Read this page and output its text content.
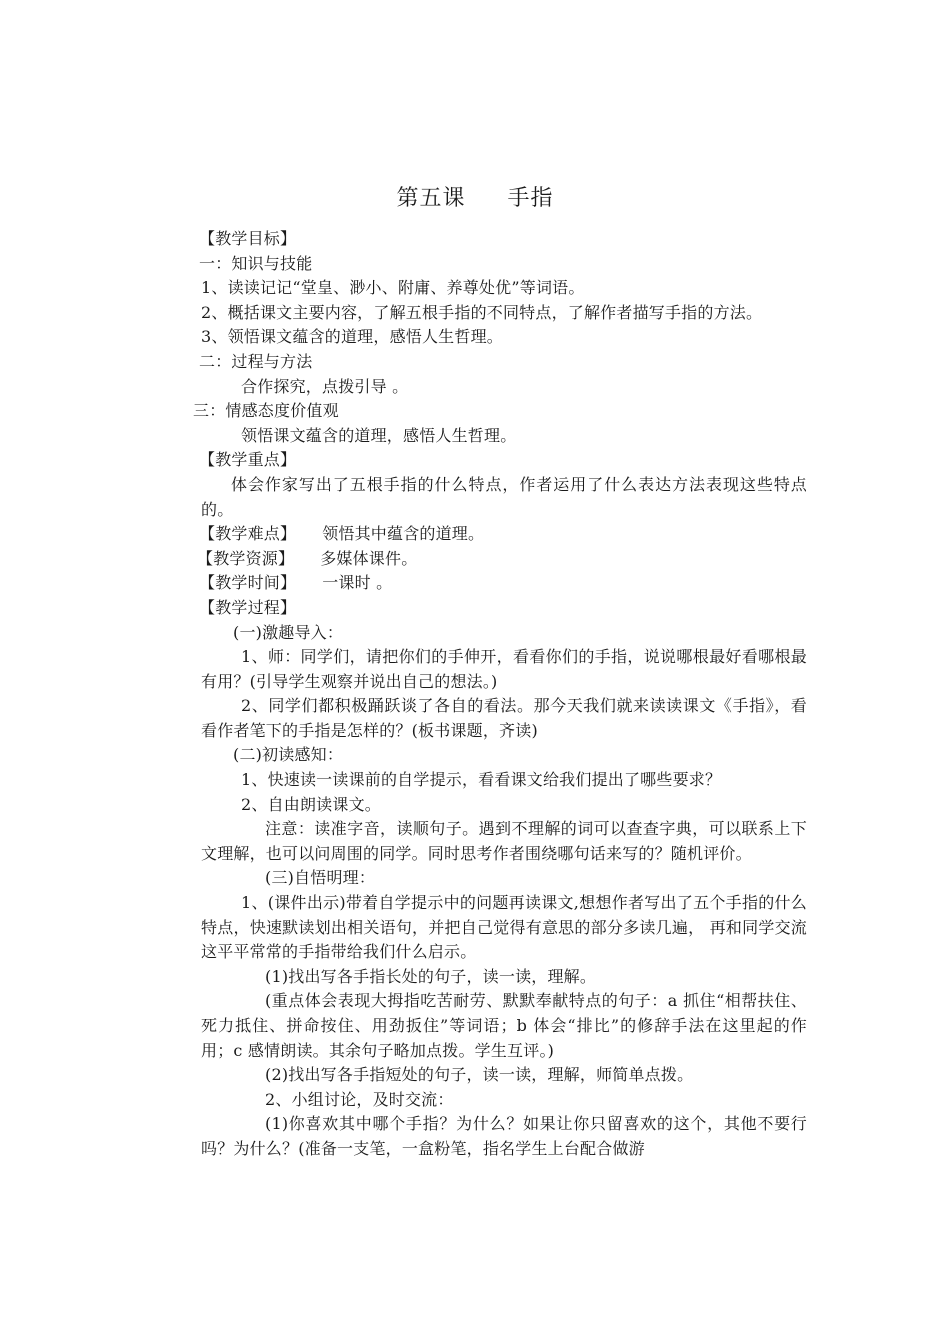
第五课 手指

【教学目标】

一：知识与技能

1、读读记记“堂皇、渺小、附庸、养尊处优”等词语。

2、概括课文主要内容，了解五根手指的不同特点，了解作者描写手指的方法。

3、领悟课文蕴含的道理，感悟人生哲理。

二：过程与方法

合作探究，点拨引导 。

三：情感态度价值观

领悟课文蕴含的道理，感悟人生哲理。

【教学重点】

体会作家写出了五根手指的什么特点，作者运用了什么表达方法表现这些特点的。

【教学难点】 领悟其中蕴含的道理。

【教学资源】 多媒体课件。

【教学时间】 一课时 。

【教学过程】

(一)激趣导入：

1、师：同学们，请把你们的手伸开，看看你们的手指，说说哪根最好看哪根最有用？(引导学生观察并说出自己的想法。)

2、同学们都积极踊跃谈了各自的看法。那今天我们就来读读课文《手指》，看看作者笔下的手指是怎样的？(板书课题，齐读)

(二)初读感知：

1、快速读一读课前的自学提示，看看课文给我们提出了哪些要求？

2、自由朗读课文。

注意：读准字音，读顺句子。遇到不理解的词可以查查字典，可以联系上下文理解，也可以问周围的同学。同时思考作者围绕哪句话来写的？随机评价。

(三)自悟明理：

1、(课件出示)带着自学提示中的问题再读课文,想想作者写出了五个手指的什么特点，快速默读划出相关语句，并把自己觉得有意思的部分多读几遍， 再和同学交流这平平常常的手指带给我们什么启示。

(1)找出写各手指长处的句子，读一读，理解。

(重点体会表现大拇指吃苦耐劳、默默奉献特点的句子：a 抓住“相帮扶住、死力抵住、拼命按住、用劲扳住”等词语；b 体会“排比”的修辞手法在这里起的作用；c 感情朗读。其余句子略加点拨。学生互评。)

(2)找出写各手指短处的句子，读一读，理解，师简单点拨。

2、小组讨论，及时交流：

(1)你喜欢其中哪个手指？为什么？如果让你只留喜欢的这个，其他不要行吗？为什么？(准备一支笔，一盒粉笔，指名学生上台配合做游
